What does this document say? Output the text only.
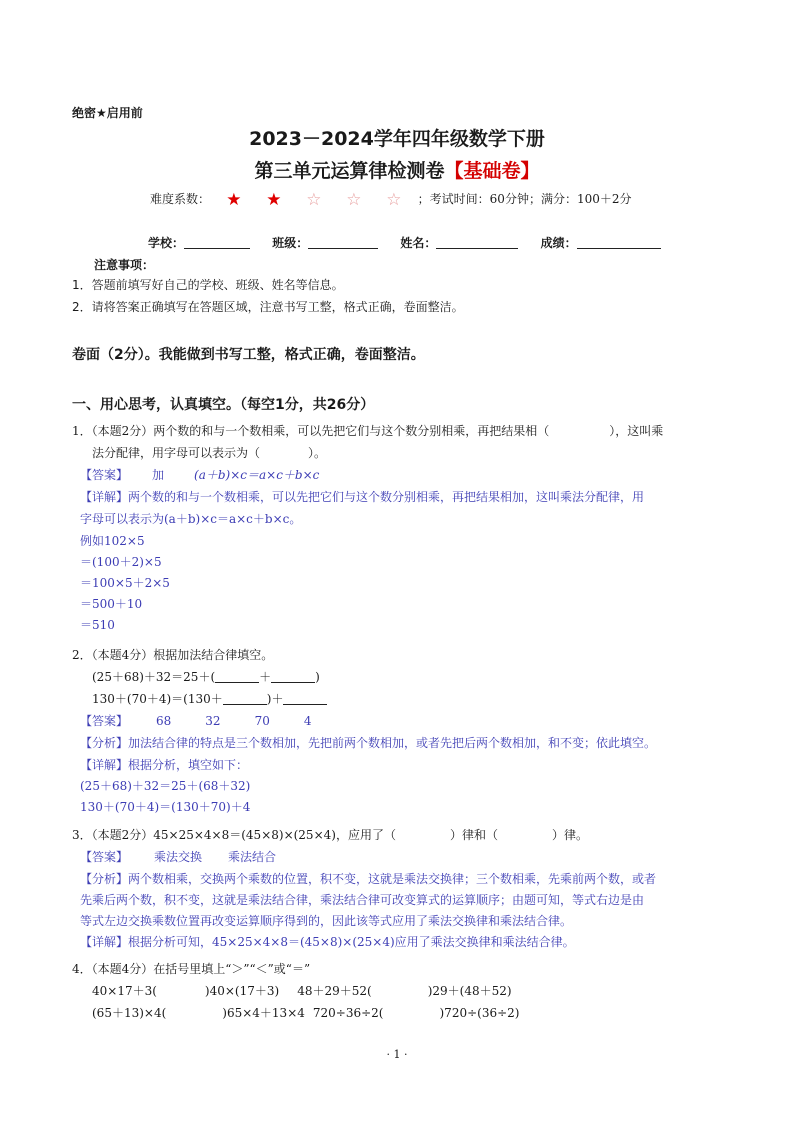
绝密★启用前
2023－2024学年四年级数学下册
第三单元运算律检测卷【基础卷】
难度系数： ★ ★ ☆ ☆ ☆ ；考试时间：60分钟；满分：100＋2分
学校：	班级：	姓名：	成绩：
注意事项：
1．答题前填写好自己的学校、班级、姓名等信息。
2．请将答案正确填写在答题区域，注意书写工整，格式正确，卷面整洁。
卷面（2分）。我能做到书写工整，格式正确，卷面整洁。
一、用心思考，认真填空。（每空1分，共26分）
1．（本题2分）两个数的和与一个数相乘，可以先把它们与这个数分别相乘，再把结果相（	），这叫乘
法分配律，用字母可以表示为（	）。
【答案】 加	(a＋b)×c＝a×c＋b×c
【详解】两个数的和与一个数相乘，可以先把它们与这个数分别相乘，再把结果相加，这叫乘法分配律，用
字母可以表示为(a＋b)×c＝a×c＋b×c。
例如102×5
＝(100＋2)×5
＝100×5＋2×5
＝500＋10
＝510
2．（本题4分）根据加法结合律填空。
(25＋68)＋32＝25＋(	＋	)
130＋(70＋4)＝(130＋	)＋
【答案】 68	32	70	4
【分析】加法结合律的特点是三个数相加，先把前两个数相加，或者先把后两个数相加，和不变；依此填空。
【详解】根据分析，填空如下：
(25＋68)＋32＝25＋(68＋32)
130＋(70＋4)＝(130＋70)＋4
3．（本题2分）45×25×4×8＝(45×8)×(25×4)，应用了（	）律和（	）律。
【答案】 乘法交换 乘法结合
【分析】两个数相乘，交换两个乘数的位置，积不变，这就是乘法交换律；三个数相乘，先乘前两个数，或者
先乘后两个数，积不变，这就是乘法结合律，乘法结合律可改变算式的运算顺序；由题可知，等式右边是由
等式左边交换乘数位置再改变运算顺序得到的，因此该等式应用了乘法交换律和乘法结合律。
【详解】根据分析可知，45×25×4×8＝(45×8)×(25×4)应用了乘法交换律和乘法结合律。
4．（本题4分）在括号里填上“＞”“＜”或“＝”
40×17＋3(	)40×(17＋3) 48＋29＋52(	)29＋(48＋52)
(65＋13)×4(	)65×4＋13×4 720÷36÷2(	)720÷(36÷2)
· 1 ·
